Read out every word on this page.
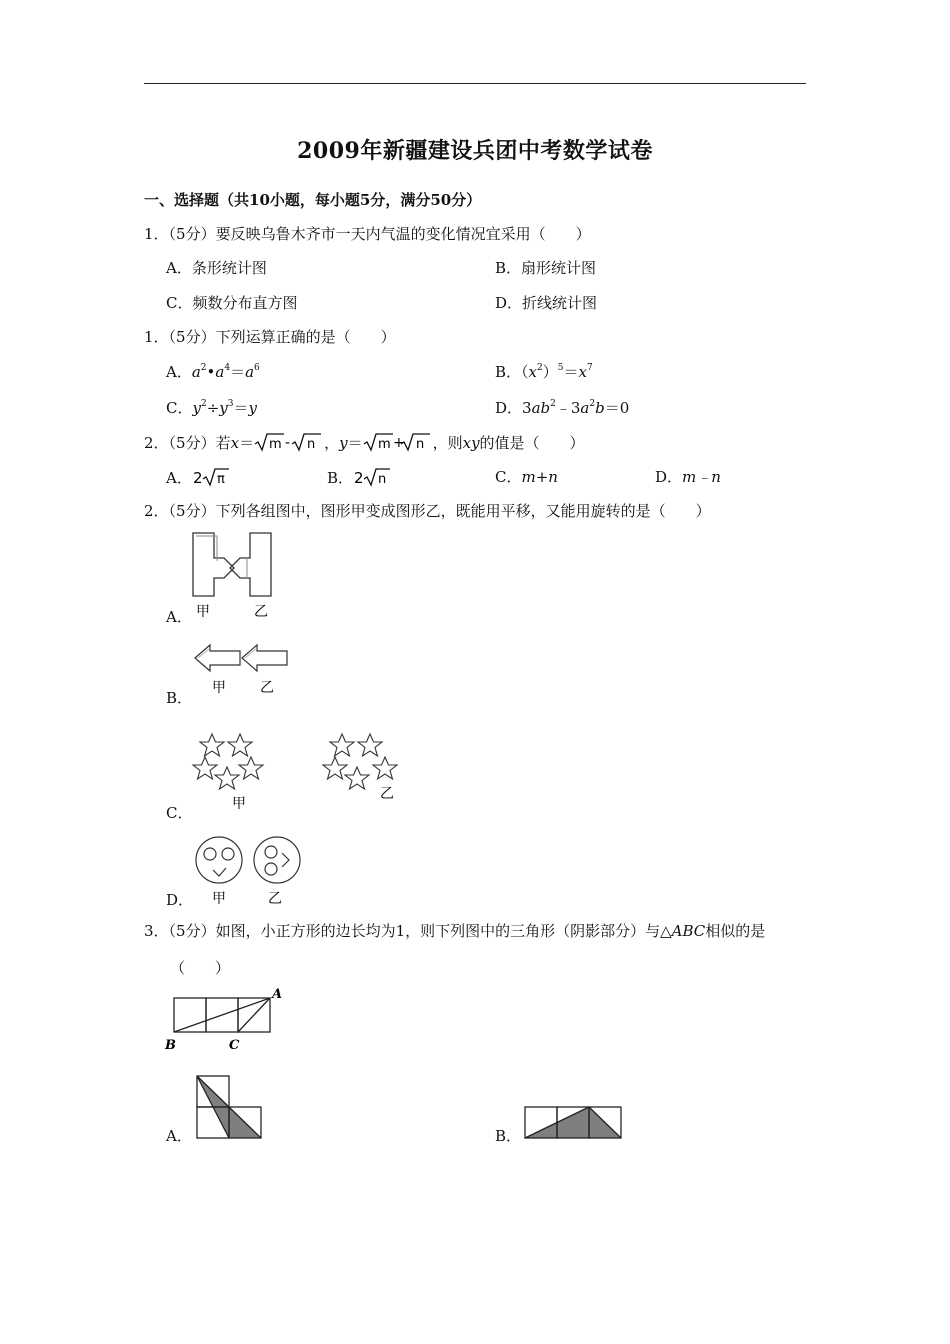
2009年新疆建设兵团中考数学试卷
一、选择题（共10小题，每小题5分，满分50分）
1．（5分）要反映乌鲁木齐市一天内气温的变化情况宜采用（　　）
A．条形统计图	B．扇形统计图
C．频数分布直方图	D．折线统计图
1．（5分）下列运算正确的是（　　）
A．$a^2•a^4=a^6$	B．$(x^2)^5=x^7$
C．$y^2\div y^3=y$	D．$3ab^2﹣3a^2b=0$
2．（5分）若x＝ m - n ，y＝ m + n ，则xy的值是（　　）
A． 2 π	B． 2 n	C．m+n	D．m﹣n
2．（5分）下列各组图中，图形甲变成图形乙，既能用平移，又能用旋转的是（　　）
甲	乙
A．
甲 乙
B．
甲
乙
C．
甲	乙
D．
3．（5分）如图，小正方形的边长均为1，则下列图中的三角形（阴影部分）与△ABC相似的是
（　　）
A
B	C
A．	B．
